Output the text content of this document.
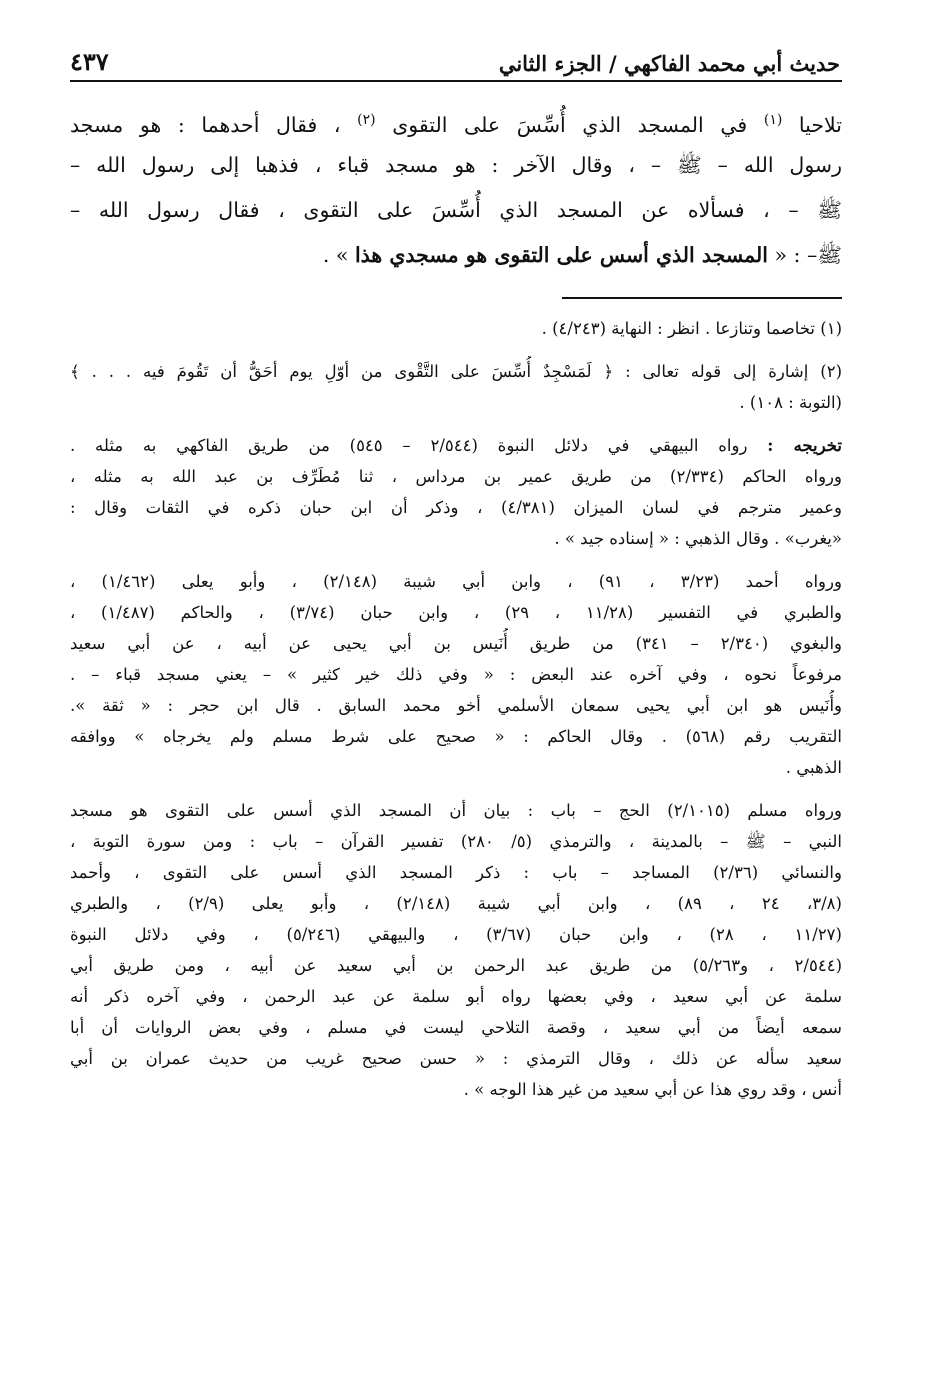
حديث أبي محمد الفاكهي / الجزء الثاني
٤٣٧
تلاحيا $^{(١)}$ في المسجد الذي أُسِّسَ على التقوى $^{(٢)}$ ، فقال أحدهما : هو مسجد
رسول الله – ﷺ – ، وقال الآخر : هو مسجد قباء ، فذهبا إلى رسول الله –
ﷺ – ، فسألاه عن المسجد الذي أُسِّسَ على التقوى ، فقال رسول الله –
ﷺ– : « المسجد الذي أسس على التقوى هو مسجدي هذا » .
(١) تخاصما وتنازعا . انظر : النهاية (٤/٢٤٣) .
(٢) إشارة إلى قوله تعالى : ﴿ لَمَسْجِدٌ أُسِّسَ على التَّقْوى من أوّلِ يوم أحَقُّ أن تَقُومَ فيه . . . ﴾
(التوبة : ١٠٨) .
تخريجه : رواه البيهقي في دلائل النبوة (٢/٥٤٤ – ٥٤٥) من طريق الفاكهي به مثله .
ورواه الحاكم (٢/٣٣٤) من طريق عمير بن مرداس ، ثنا مُطَرِّف بن عبد الله به مثله ،
وعمير مترجم في لسان الميزان (٤/٣٨١) ، وذكر أن ابن حبان ذكره في الثقات وقال :
«يغرب» . وقال الذهبي : « إسناده جيد » .
ورواه أحمد (٣/٢٣ ، ٩١) ، وابن أبي شيبة (٢/١٤٨) ، وأبو يعلى (١/٤٦٢) ،
والطبري في التفسير (١١/٢٨ ، ٢٩) ، وابن حبان (٣/٧٤) ، والحاكم (١/٤٨٧) ،
والبغوي (٢/٣٤٠ – ٣٤١) من طريق أُنَيس بن أبي يحيى عن أبيه ، عن أبي سعيد
مرفوعاً نحوه ، وفي آخره عند البعض : « وفي ذلك خير كثير » – يعني مسجد قباء – .
وأُنَيس هو ابن أبي يحيى سمعان الأسلمي أخو محمد السابق . قال ابن حجر : « ثقة ».
التقريب رقم (٥٦٨) . وقال الحاكم : « صحيح على شرط مسلم ولم يخرجاه » ووافقه
الذهبي .
ورواه مسلم (٢/١٠١٥) الحج – باب : بيان أن المسجد الذي أسس على التقوى هو مسجد
النبي – ﷺ – بالمدينة ، والترمذي (٥/ ٢٨٠) تفسير القرآن – باب : ومن سورة التوبة ،
والنسائي (٢/٣٦) المساجد – باب : ذكر المسجد الذي أسس على التقوى ، وأحمد
(٣/٨، ٢٤ ، ٨٩) ، وابن أبي شيبة (٢/١٤٨) ، وأبو يعلى (٢/٩) ، والطبري
(١١/٢٧ ، ٢٨) ، وابن حبان (٣/٦٧) ، والبيهقي (٥/٢٤٦) ، وفي دلائل النبوة
(٢/٥٤٤ ، و٥/٢٦٣) من طريق عبد الرحمن بن أبي سعيد عن أبيه ، ومن طريق أبي
سلمة عن أبي سعيد ، وفي بعضها رواه أبو سلمة عن عبد الرحمن ، وفي آخره ذكر أنه
سمعه أيضاً من أبي سعيد ، وقصة التلاحي ليست في مسلم ، وفي بعض الروايات أن أبا
سعيد سأله عن ذلك ، وقال الترمذي : « حسن صحيح غريب من حديث عمران بن أبي
أنس ، وقد روي هذا عن أبي سعيد من غير هذا الوجه » .
